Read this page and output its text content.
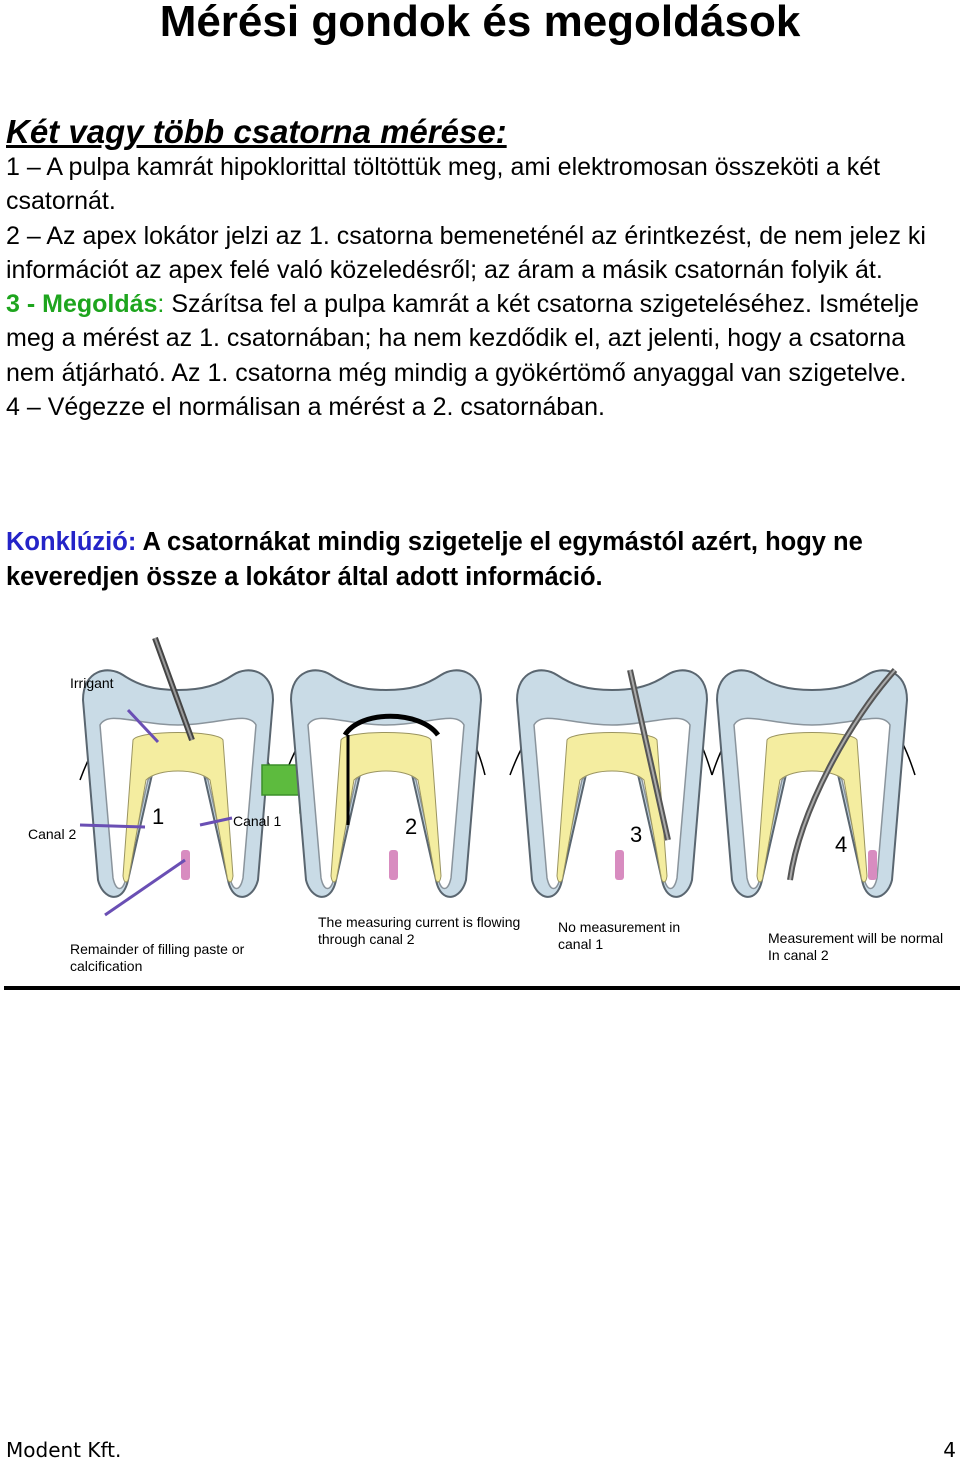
Mérési gondok és megoldások
Két vagy több csatorna mérése:

1 – A pulpa kamrát hipoklorittal töltöttük meg, ami elektromosan összeköti a két csatornát.

2 – Az apex lokátor jelzi az 1. csatorna bemeneténél az érintkezést, de nem jelez ki információt az apex felé való közeledésről; az áram a másik csatornán folyik át.

3 - Megoldás: Szárítsa fel a pulpa kamrát a két csatorna szigeteléséhez. Ismételje meg a mérést az 1. csatornában; ha nem kezdődik el, azt jelenti, hogy a csatorna nem átjárható. Az 1. csatorna még mindig a gyökértömő anyaggal van szigetelve.

4 – Végezze el normálisan a mérést a 2. csatornában.

Konklúzió: A csatornákat mindig szigetelje el egymástól azért, hogy ne keveredjen össze a lokátor által adott információ.

Irrigant
Canal 2
Canal 1
1	2	3	4
Remainder of filling paste or
calcification
The measuring current is flowing
through canal 2
No measurement in
canal 1	Measurement will be normal
In canal 2
Modent Kft.	4
